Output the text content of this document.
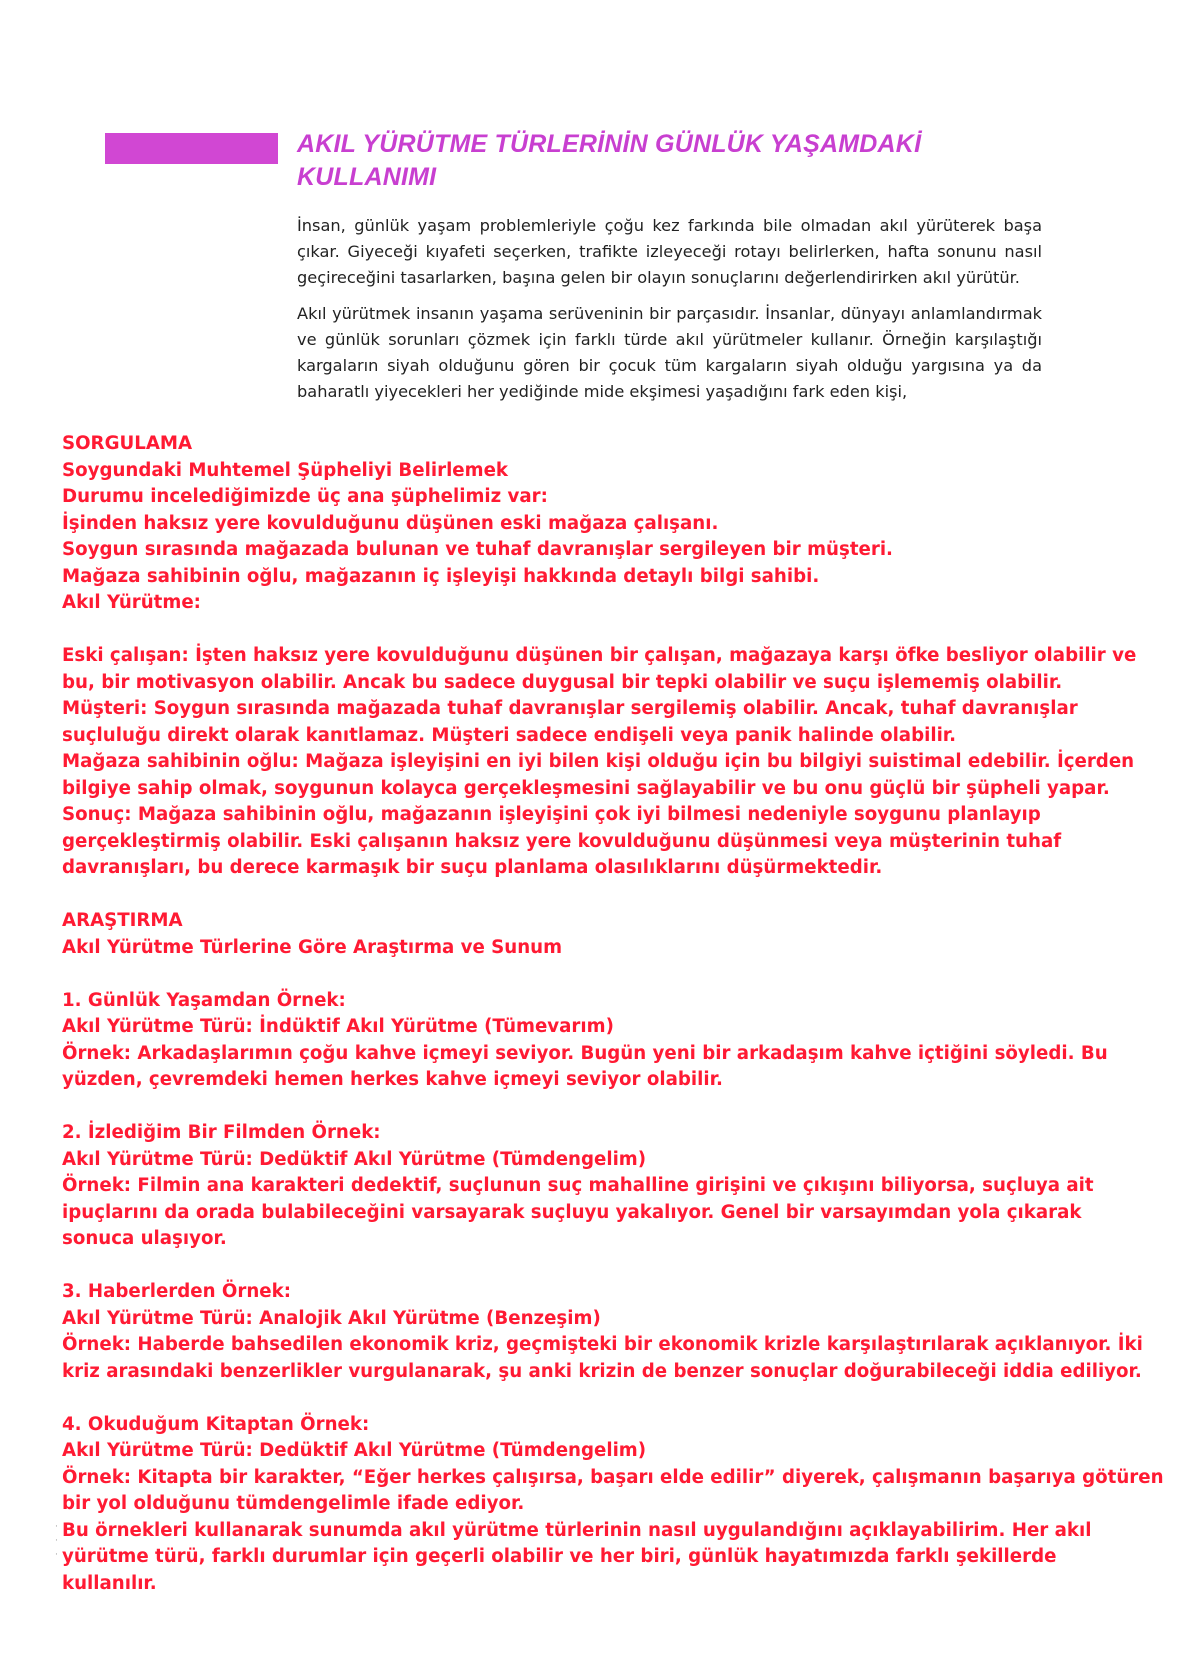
AKIL YÜRÜTME TÜRLERİNİN GÜNLÜK YAŞAMDAKİ
KULLANIMI

İnsan, günlük yaşam problemleriyle çoğu kez farkında bile olmadan akıl yürüterek başa çıkar. Giyeceği kıyafeti seçerken, trafikte izleyeceği rotayı belirlerken, hafta sonunu nasıl geçireceğini tasarlarken, başına gelen bir olayın sonuçlarını değerlendirirken akıl yürütür.

Akıl yürütmek insanın yaşama serüveninin bir parçasıdır. İnsanlar, dünyayı anlamlandırmak ve günlük sorunları çözmek için farklı türde akıl yürütmeler kullanır. Örneğin karşılaştığı kargaların siyah olduğunu gören bir çocuk tüm kargaların siyah olduğu yargısına ya da baharatlı yiyecekleri her yediğinde mide ekşimesi yaşadığını fark eden kişi,

SORGULAMA
Soygundaki Muhtemel Şüpheliyi Belirlemek
Durumu incelediğimizde üç ana şüphelimiz var:
İşinden haksız yere kovulduğunu düşünen eski mağaza çalışanı.
Soygun sırasında mağazada bulunan ve tuhaf davranışlar sergileyen bir müşteri.
Mağaza sahibinin oğlu, mağazanın iç işleyişi hakkında detaylı bilgi sahibi.
Akıl Yürütme:
Eski çalışan: İşten haksız yere kovulduğunu düşünen bir çalışan, mağazaya karşı öfke besliyor olabilir ve
bu, bir motivasyon olabilir. Ancak bu sadece duygusal bir tepki olabilir ve suçu işlememiş olabilir.
Müşteri: Soygun sırasında mağazada tuhaf davranışlar sergilemiş olabilir. Ancak, tuhaf davranışlar
suçluluğu direkt olarak kanıtlamaz. Müşteri sadece endişeli veya panik halinde olabilir.
Mağaza sahibinin oğlu: Mağaza işleyişini en iyi bilen kişi olduğu için bu bilgiyi suistimal edebilir. İçerden
bilgiye sahip olmak, soygunun kolayca gerçekleşmesini sağlayabilir ve bu onu güçlü bir şüpheli yapar.
Sonuç: Mağaza sahibinin oğlu, mağazanın işleyişini çok iyi bilmesi nedeniyle soygunu planlayıp
gerçekleştirmiş olabilir. Eski çalışanın haksız yere kovulduğunu düşünmesi veya müşterinin tuhaf
davranışları, bu derece karmaşık bir suçu planlama olasılıklarını düşürmektedir.
ARAŞTIRMA
Akıl Yürütme Türlerine Göre Araştırma ve Sunum
1. Günlük Yaşamdan Örnek:
Akıl Yürütme Türü: İndüktif Akıl Yürütme (Tümevarım)
Örnek: Arkadaşlarımın çoğu kahve içmeyi seviyor. Bugün yeni bir arkadaşım kahve içtiğini söyledi. Bu
yüzden, çevremdeki hemen herkes kahve içmeyi seviyor olabilir.
2. İzlediğim Bir Filmden Örnek:
Akıl Yürütme Türü: Dedüktif Akıl Yürütme (Tümdengelim)
Örnek: Filmin ana karakteri dedektif, suçlunun suç mahalline girişini ve çıkışını biliyorsa, suçluya ait
ipuçlarını da orada bulabileceğini varsayarak suçluyu yakalıyor. Genel bir varsayımdan yola çıkarak
sonuca ulaşıyor.
3. Haberlerden Örnek:
Akıl Yürütme Türü: Analojik Akıl Yürütme (Benzeşim)
Örnek: Haberde bahsedilen ekonomik kriz, geçmişteki bir ekonomik krizle karşılaştırılarak açıklanıyor. İki
kriz arasındaki benzerlikler vurgulanarak, şu anki krizin de benzer sonuçlar doğurabileceği iddia ediliyor.
4. Okuduğum Kitaptan Örnek:
Akıl Yürütme Türü: Dedüktif Akıl Yürütme (Tümdengelim)
Örnek: Kitapta bir karakter, “Eğer herkes çalışırsa, başarı elde edilir” diyerek, çalışmanın başarıya götüren
bir yol olduğunu tümdengelimle ifade ediyor.
Bu örnekleri kullanarak sunumda akıl yürütme türlerinin nasıl uygulandığını açıklayabilirim. Her akıl
yürütme türü, farklı durumlar için geçerli olabilir ve her biri, günlük hayatımızda farklı şekillerde
kullanılır.
·
·
·
